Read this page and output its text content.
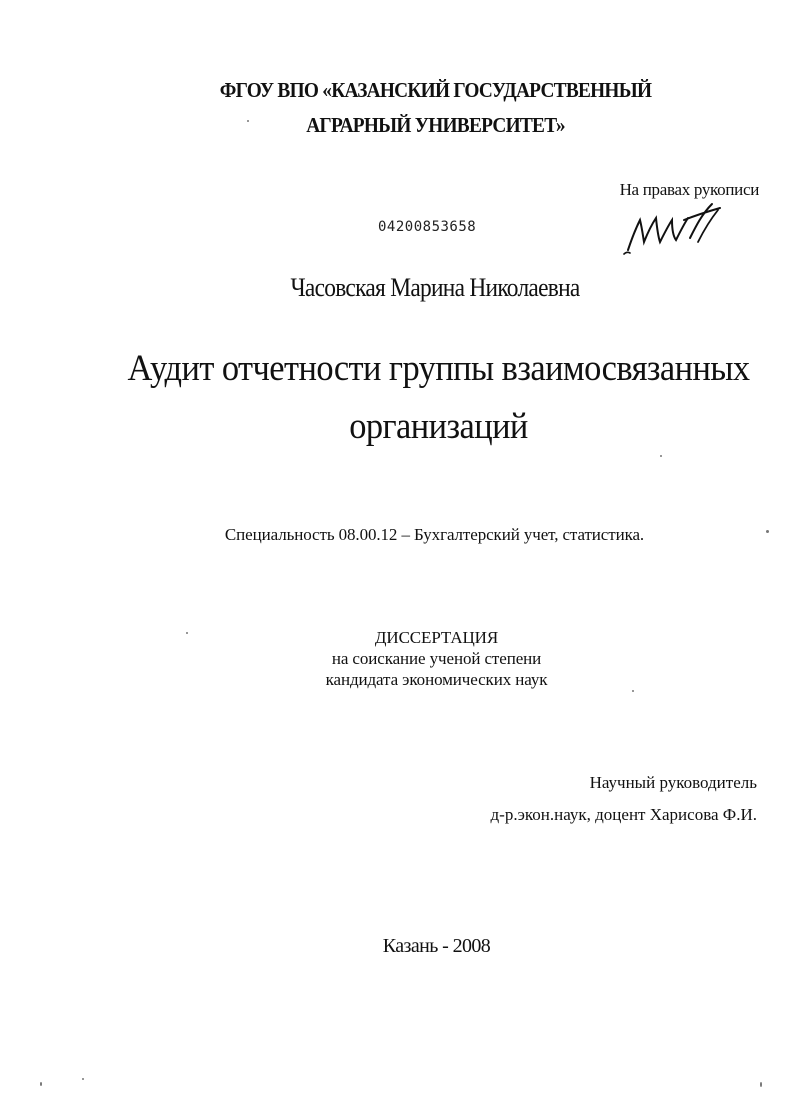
ФГОУ ВПО «КАЗАНСКИЙ ГОСУДАРСТВЕННЫЙ
АГРАРНЫЙ УНИВЕРСИТЕТ»
На правах рукописи
04200853658
Часовская Марина Николаевна
Аудит отчетности группы взаимосвязанных
организаций
Специальность 08.00.12 – Бухгалтерский учет, статистика.
ДИССЕРТАЦИЯ
на соискание ученой степени
кандидата экономических наук
Научный руководитель
д-р.экон.наук, доцент Харисова Ф.И.
Казань - 2008
